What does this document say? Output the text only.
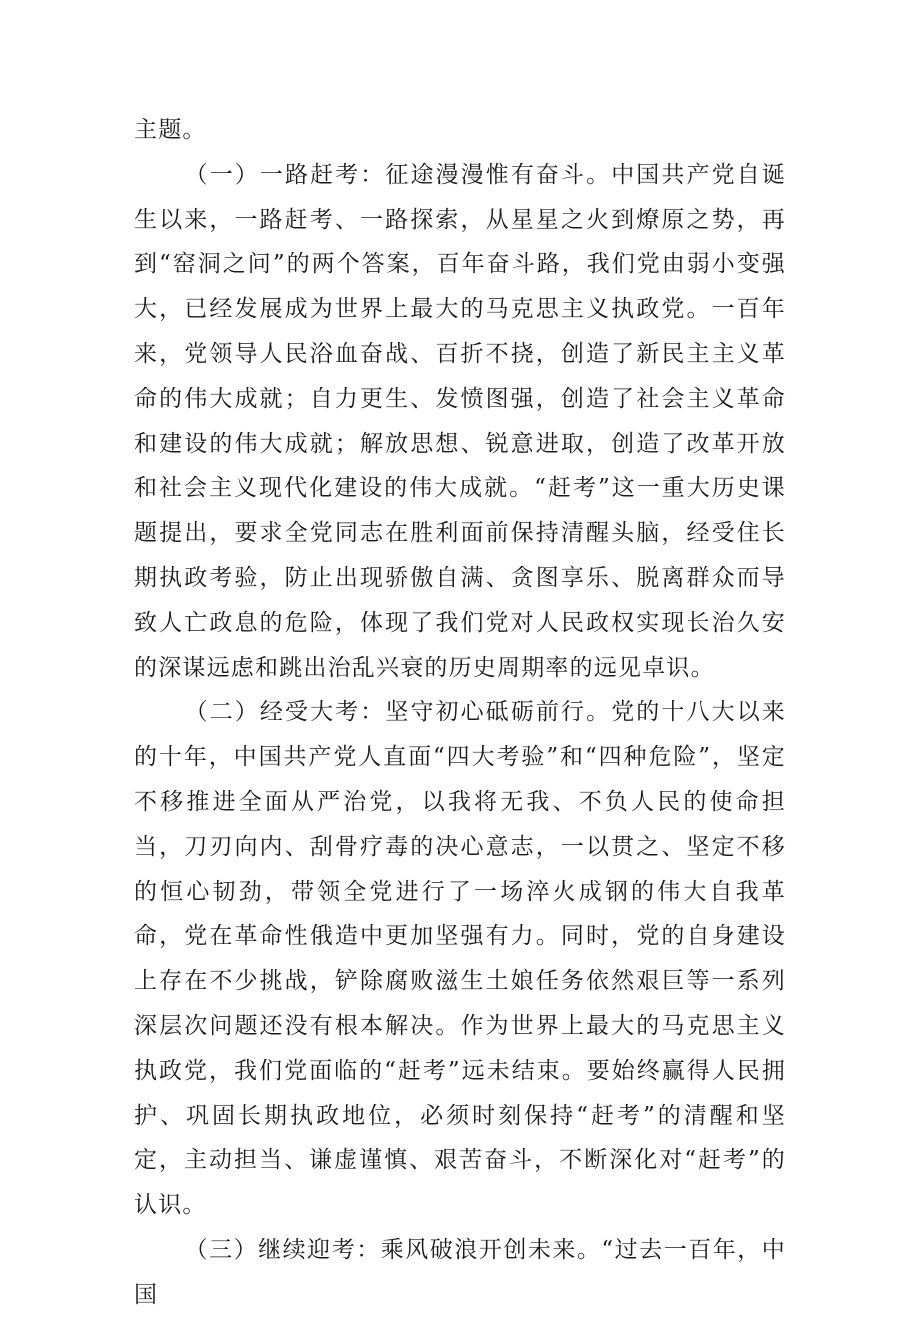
主题。

（一）一路赶考：征途漫漫惟有奋斗。中国共产党自诞生以来，一路赶考、一路探索，从星星之火到燎原之势，再到“窑洞之问”的两个答案，百年奋斗路，我们党由弱小变强大，已经发展成为世界上最大的马克思主义执政党。一百年来，党领导人民浴血奋战、百折不挠，创造了新民主主义革命的伟大成就；自力更生、发愤图强，创造了社会主义革命和建设的伟大成就；解放思想、锐意进取，创造了改革开放和社会主义现代化建设的伟大成就。“赶考”这一重大历史课题提出，要求全党同志在胜利面前保持清醒头脑，经受住长期执政考验，防止出现骄傲自满、贪图享乐、脱离群众而导致人亡政息的危险，体现了我们党对人民政权实现长治久安的深谋远虑和跳出治乱兴衰的历史周期率的远见卓识。

（二）经受大考：坚守初心砥砺前行。党的十八大以来的十年，中国共产党人直面“四大考验”和“四种危险”，坚定不移推进全面从严治党，以我将无我、不负人民的使命担当，刀刃向内、刮骨疗毒的决心意志，一以贯之、坚定不移的恒心韧劲，带领全党进行了一场淬火成钢的伟大自我革命，党在革命性俄造中更加坚强有力。同时，党的自身建设上存在不少挑战，铲除腐败滋生土娘任务依然艰巨等一系列深层次问题还没有根本解决。作为世界上最大的马克思主义执政党，我们党面临的“赶考”远未结束。要始终赢得人民拥护、巩固长期执政地位，必须时刻保持“赶考”的清醒和坚定，主动担当、谦虚谨慎、艰苦奋斗，不断深化对“赶考”的认识。

（三）继续迎考：乘风破浪开创未来。“过去一百年，中国
